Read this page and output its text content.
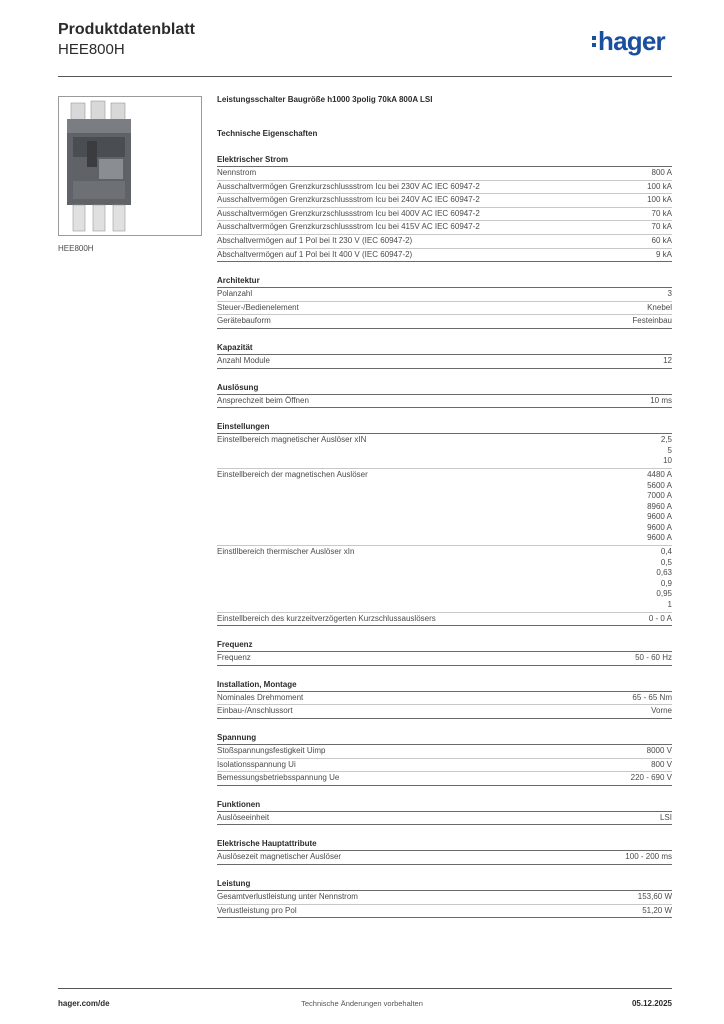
Produktdatenblatt
HEE800H	hager
HEE800H
Leistungsschalter Baugröße h1000 3polig 70kA 800A LSI
Technische Eigenschaften
Elektrischer Strom
Nennstrom	800 A
Ausschaltvermögen Grenzkurzschlussstrom Icu bei 230V AC IEC 60947-2	100 kA
Ausschaltvermögen Grenzkurzschlussstrom Icu bei 240V AC IEC 60947-2	100 kA
Ausschaltvermögen Grenzkurzschlussstrom Icu bei 400V AC IEC 60947-2	70 kA
Ausschaltvermögen Grenzkurzschlussstrom Icu bei 415V AC IEC 60947-2	70 kA
Abschaltvermögen auf 1 Pol bei It 230 V (IEC 60947-2)	60 kA
Abschaltvermögen auf 1 Pol bei It 400 V (IEC 60947-2)	9 kA
Architektur
Polanzahl	3
Steuer-/Bedienelement	Knebel
Gerätebauform	Festeinbau
Kapazität
Anzahl Module	12
Auslösung
Ansprechzeit beim Öffnen	10 ms
Einstellungen
Einstellbereich magnetischer Auslöser xIN	2,5
5
10
Einstellbereich der magnetischen Auslöser	4480 A
5600 A
7000 A
8960 A
9600 A
9600 A
9600 A
Einstllbereich thermischer Auslöser xIn	0,4
0,5
0,63
0,9
0,95
1
Einstellbereich des kurzzeitverzögerten Kurzschlussauslösers	0 - 0 A
Frequenz
Frequenz	50 - 60 Hz
Installation, Montage
Nominales Drehmoment	65 - 65 Nm
Einbau-/Anschlussort	Vorne
Spannung
Stoßspannungsfestigkeit Uimp	8000 V
Isolationsspannung Ui	800 V
Bemessungsbetriebsspannung Ue	220 - 690 V
Funktionen
Auslöseeinheit	LSI
Elektrische Hauptattribute
Auslösezeit magnetischer Auslöser	100 - 200 ms
Leistung
Gesamtverlustleistung unter Nennstrom	153,60 W
Verlustleistung pro Pol	51,20 W
hager.com/de	Technische Änderungen vorbehalten	05.12.2025
